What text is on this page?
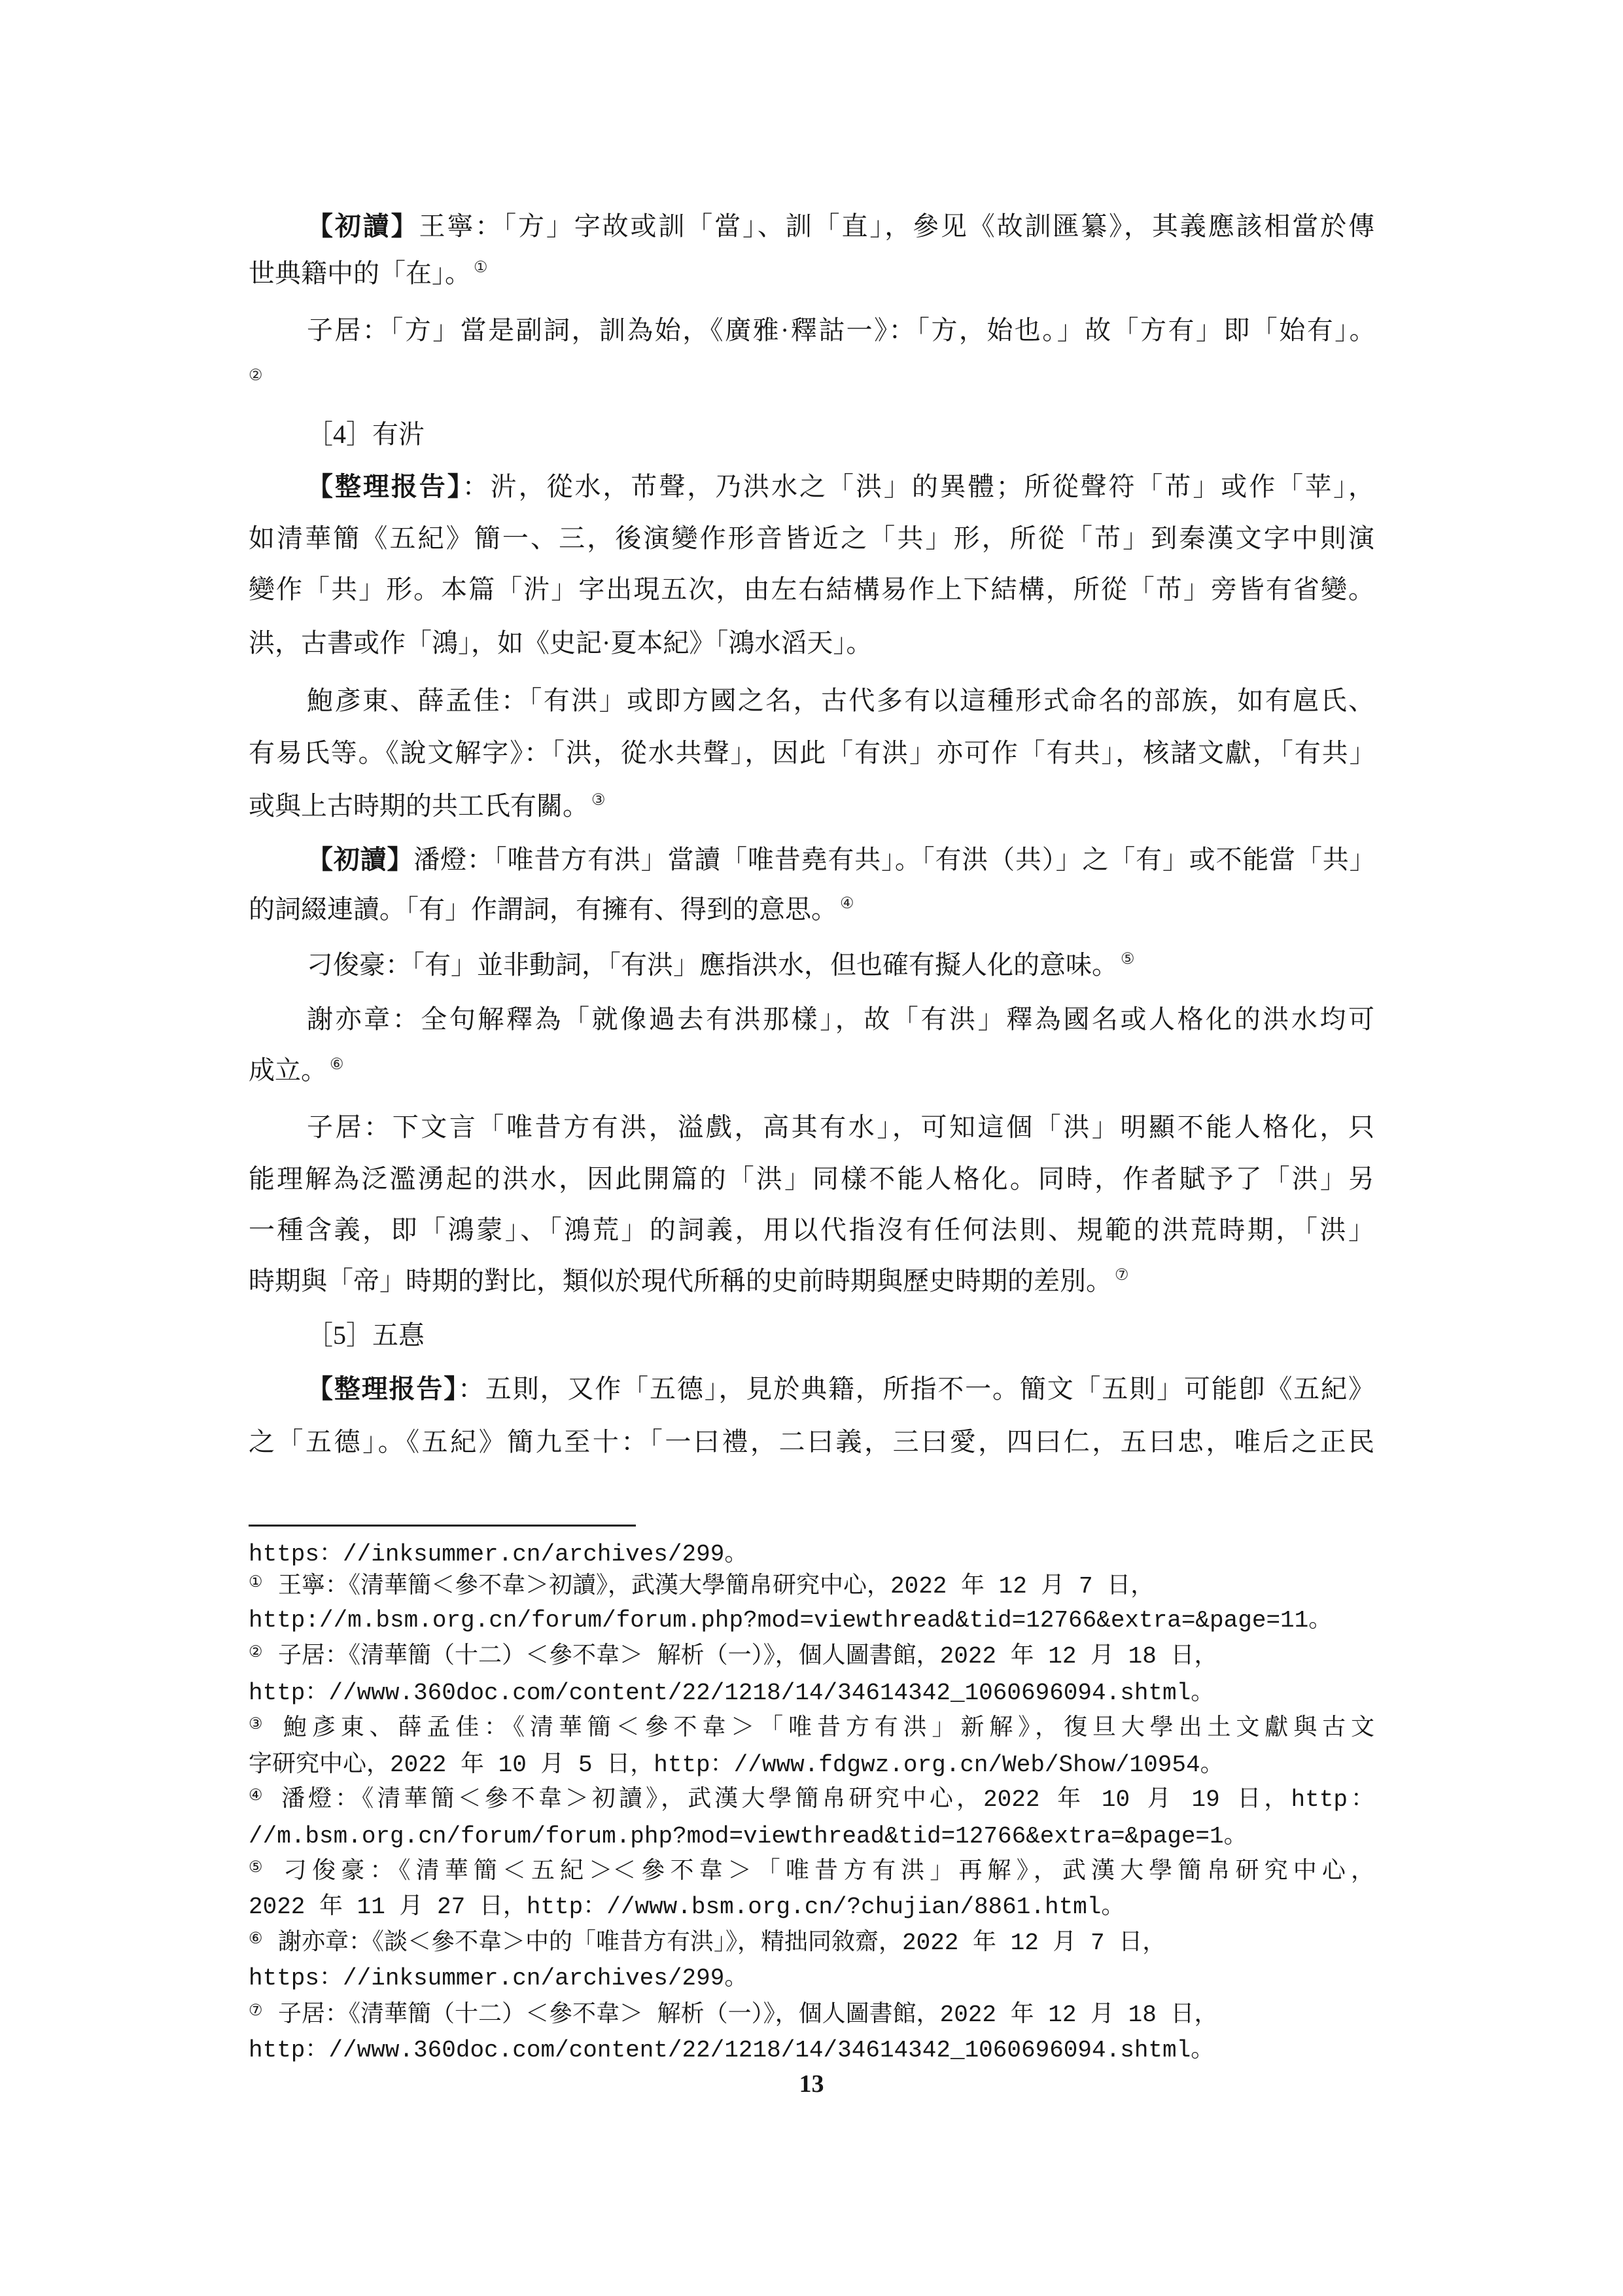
【初讀】王寧：「方」字故或訓「當」、訓「直」，參见《故訓匯纂》，其義應該相當於傳
世典籍中的「在」。 ①
子居：「方」當是副詞，訓為始，《廣雅·釋詁一》：「方，始也。」故「方有」即「始有」。
②
［4］有沜
【整理报告】：沜，從水，芇聲，乃洪水之「洪」的異體；所從聲符「芇」或作「苹」，
如清華簡《五紀》簡一、三，後演變作形音皆近之「共」形，所從「芇」到秦漢文字中則演
變作「共」形。本篇「沜」字出現五次，由左右結構易作上下結構，所從「芇」旁皆有省變。
洪，古書或作「鴻」，如《史記·夏本紀》「鴻水滔天」。
鮑彥東、薛孟佳：「有洪」或即方國之名，古代多有以這種形式命名的部族，如有扈氏、
有易氏等。《說文解字》：「洪，從水共聲」，因此「有洪」亦可作「有共」，核諸文獻，「有共」
或與上古時期的共工氏有關。 ③
【初讀】潘燈：「唯昔方有洪」當讀「唯昔堯有共」。「有洪（共）」之「有」或不能當「共」
的詞綴連讀。「有」作謂詞，有擁有、得到的意思。 ④
刁俊豪：「有」並非動詞，「有洪」應指洪水，但也確有擬人化的意味。 ⑤
謝亦章：全句解釋為「就像過去有洪那樣」，故「有洪」釋為國名或人格化的洪水均可
成立。 ⑥
子居：下文言「唯昔方有洪，溢戲，高其有水」，可知這個「洪」明顯不能人格化，只
能理解為泛濫湧起的洪水，因此開篇的「洪」同樣不能人格化。同時，作者賦予了「洪」另
一種含義，即「鴻蒙」、「鴻荒」的詞義，用以代指沒有任何法則、規範的洪荒時期，「洪」
時期與「帝」時期的對比，類似於現代所稱的史前時期與歷史時期的差別。 ⑦
［5］五惪
【整理报告】：五則，又作「五德」，見於典籍，所指不一。簡文「五則」可能卽《五紀》
之「五德」。《五紀》簡九至十：「一曰禮，二曰義，三曰愛，四曰仁，五曰忠，唯后之正民
https：//inksummer.cn/archives/299。
① 王寧：《清華簡＜參不韋＞初讀》，武漢大學簡帛研究中心，2022 年 12 月 7 日，
http://m.bsm.org.cn/forum/forum.php?mod=viewthread&tid=12766&extra=&page=11。
② 子居：《清華簡（十二）＜參不韋＞ 解析（一）》，個人圖書館，2022 年 12 月 18 日，
http：//www.360doc.com/content/22/1218/14/34614342_1060696094.shtml。
③ 鮑彥東、薛孟佳：《清華簡＜參不韋＞「唯昔方有洪」新解》，復旦大學出土文獻與古文
字研究中心，2022 年 10 月 5 日，http：//www.fdgwz.org.cn/Web/Show/10954。
④ 潘燈：《清華簡＜參不韋＞初讀》，武漢大學簡帛研究中心，2022 年 10 月 19 日，http：
//m.bsm.org.cn/forum/forum.php?mod=viewthread&tid=12766&extra=&page=1。
⑤ 刁俊豪：《清華簡＜五紀＞＜參不韋＞「唯昔方有洪」再解》，武漢大學簡帛研究中心，
2022 年 11 月 27 日，http：//www.bsm.org.cn/?chujian/8861.html。
⑥ 謝亦章：《談＜參不韋＞中的「唯昔方有洪」》，精拙同敘齋，2022 年 12 月 7 日，
https：//inksummer.cn/archives/299。
⑦ 子居：《清華簡（十二）＜參不韋＞ 解析（一）》，個人圖書館，2022 年 12 月 18 日，
http：//www.360doc.com/content/22/1218/14/34614342_1060696094.shtml。
13
